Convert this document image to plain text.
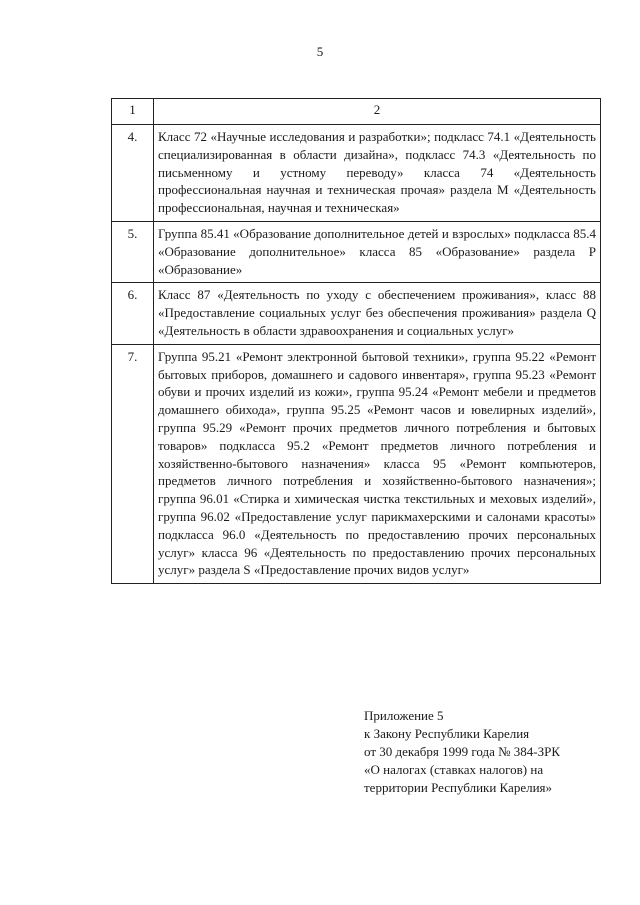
5
1	2
4.	Класс 72 «Научные исследования и разработки»; подкласс 74.1 «Деятельность специализированная в области дизайна», подкласс 74.3 «Деятельность по письменному и устному переводу» класса 74 «Деятельность профессиональная научная и техническая прочая» раздела М «Деятельность профессиональная, научная и техническая»
5.	Группа 85.41 «Образование дополнительное детей и взрослых» подкласса 85.4 «Образование дополнительное» класса 85 «Образование» раздела Р «Образование»
6.	Класс 87 «Деятельность по уходу с обеспечением проживания», класс 88 «Предоставление социальных услуг без обеспечения проживания» раздела Q «Деятельность в области здравоохранения и социальных услуг»
7.	Группа 95.21 «Ремонт электронной бытовой техники», группа 95.22 «Ремонт бытовых приборов, домашнего и садового инвентаря», группа 95.23 «Ремонт обуви и прочих изделий из кожи», группа 95.24 «Ремонт мебели и предметов домашнего обихода», группа 95.25 «Ремонт часов и ювелирных изделий», группа 95.29 «Ремонт прочих предметов личного потребления и бытовых товаров» подкласса 95.2 «Ремонт предметов личного потребления и хозяйственно-бытового назначения» класса 95 «Ремонт компьютеров, предметов личного потребления и хозяйственно-бытового назначения»; группа 96.01 «Стирка и химическая чистка текстильных и меховых изделий», группа 96.02 «Предоставление услуг парикмахерскими и салонами красоты» подкласса 96.0 «Деятельность по предоставлению прочих персональных услуг» класса 96 «Деятельность по предоставлению прочих персональных услуг» раздела S «Предоставление прочих видов услуг»
Приложение 5
к Закону Республики Карелия
от 30 декабря 1999 года № 384-ЗРК
«О налогах (ставках налогов) на
территории Республики Карелия»
